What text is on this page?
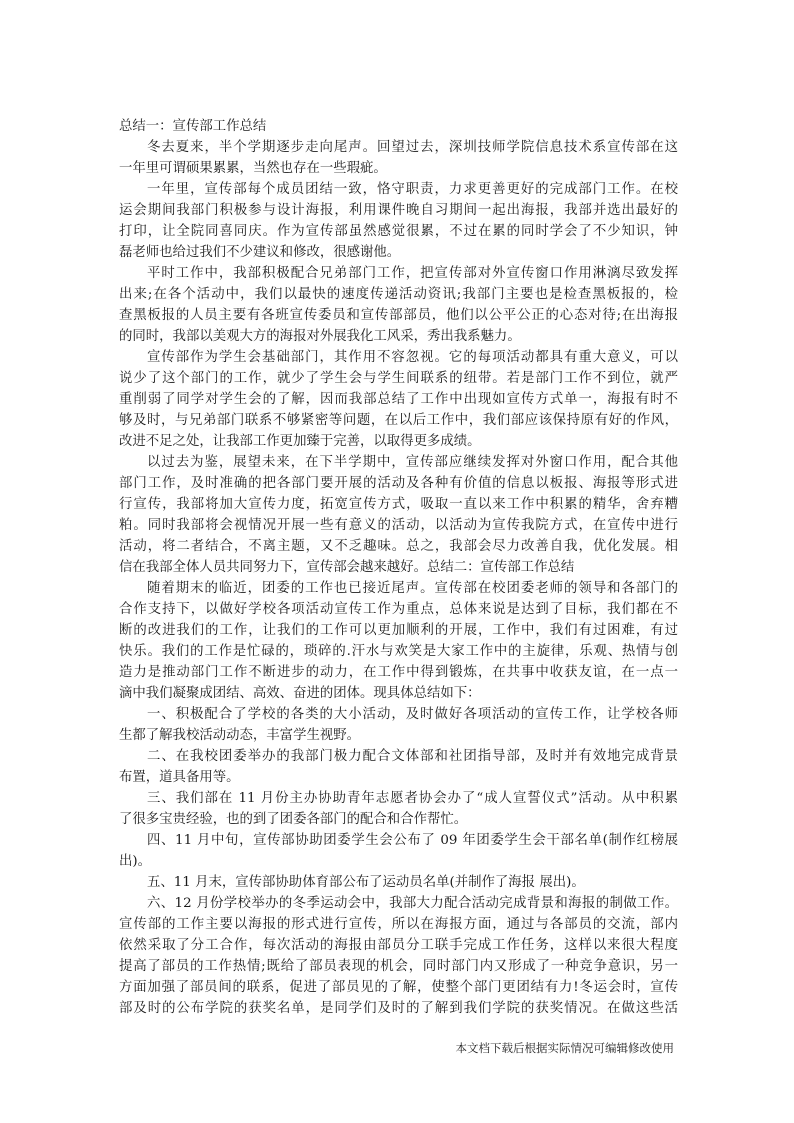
总结一：宣传部工作总结
冬去夏来，半个学期逐步走向尾声。回望过去，深圳技师学院信息技术系宣传部在这
一年里可谓硕果累累，当然也存在一些瑕疵。
一年里，宣传部每个成员团结一致，恪守职责，力求更善更好的完成部门工作。在校
运会期间我部门积极参与设计海报，利用课件晚自习期间一起出海报，我部并选出最好的
打印，让全院同喜同庆。作为宣传部虽然感觉很累，不过在累的同时学会了不少知识，钟
磊老师也给过我们不少建议和修改，很感谢他。
平时工作中，我部积极配合兄弟部门工作，把宣传部对外宣传窗口作用淋漓尽致发挥
出来;在各个活动中，我们以最快的速度传递活动资讯;我部门主要也是检查黑板报的，检
查黑板报的人员主要有各班宣传委员和宣传部部员，他们以公平公正的心态对待;在出海报
的同时，我部以美观大方的海报对外展我化工风采，秀出我系魅力。
宣传部作为学生会基础部门，其作用不容忽视。它的每项活动都具有重大意义，可以
说少了这个部门的工作，就少了学生会与学生间联系的纽带。若是部门工作不到位，就严
重削弱了同学对学生会的了解，因而我部总结了工作中出现如宣传方式单一，海报有时不
够及时，与兄弟部门联系不够紧密等问题，在以后工作中，我们部应该保持原有好的作风，
改进不足之处，让我部工作更加臻于完善，以取得更多成绩。
以过去为鉴，展望未来，在下半学期中，宣传部应继续发挥对外窗口作用，配合其他
部门工作，及时准确的把各部门要开展的活动及各种有价值的信息以板报、海报等形式进
行宣传，我部将加大宣传力度，拓宽宣传方式，吸取一直以来工作中积累的精华，舍弃糟
粕。同时我部将会视情况开展一些有意义的活动，以活动为宣传我院方式，在宣传中进行
活动，将二者结合，不离主题，又不乏趣味。总之，我部会尽力改善自我，优化发展。相
信在我部全体人员共同努力下，宣传部会越来越好。总结二：宣传部工作总结
随着期末的临近，团委的工作也已接近尾声。宣传部在校团委老师的领导和各部门的
合作支持下，以做好学校各项活动宣传工作为重点，总体来说是达到了目标，我们都在不
断的改进我们的工作，让我们的工作可以更加顺利的开展，工作中，我们有过困难，有过
快乐。我们的工作是忙碌的，琐碎的.汗水与欢笑是大家工作中的主旋律，乐观、热情与创
造力是推动部门工作不断进步的动力，在工作中得到锻炼，在共事中收获友谊，在一点一
滴中我们凝聚成团结、高效、奋进的团体。现具体总结如下：
一、积极配合了学校的各类的大小活动，及时做好各项活动的宣传工作，让学校各师
生都了解我校活动动态，丰富学生视野。
二、在我校团委举办的我部门极力配合文体部和社团指导部，及时并有效地完成背景
布置，道具备用等。
三、我们部在 11 月份主办协助青年志愿者协会办了“成人宣誓仪式”活动。从中积累
了很多宝贵经验，也的到了团委各部门的配合和合作帮忙。
四、11 月中旬，宣传部协助团委学生会公布了 09 年团委学生会干部名单(制作红榜展
出)。
五、11 月末，宣传部协助体育部公布了运动员名单(并制作了海报 展出)。
六、12 月份学校举办的冬季运动会中，我部大力配合活动完成背景和海报的制做工作。
宣传部的工作主要以海报的形式进行宣传，所以在海报方面，通过与各部员的交流，部内
依然采取了分工合作，每次活动的海报由部员分工联手完成工作任务，这样以来很大程度
提高了部员的工作热情;既给了部员表现的机会，同时部门内又形成了一种竞争意识，另一
方面加强了部员间的联系，促进了部员见的了解，使整个部门更团结有力!冬运会时，宣传
部及时的公布学院的获奖名单，是同学们及时的了解到我们学院的获奖情况。在做这些活
本文档下载后根据实际情况可编辑修改使用
